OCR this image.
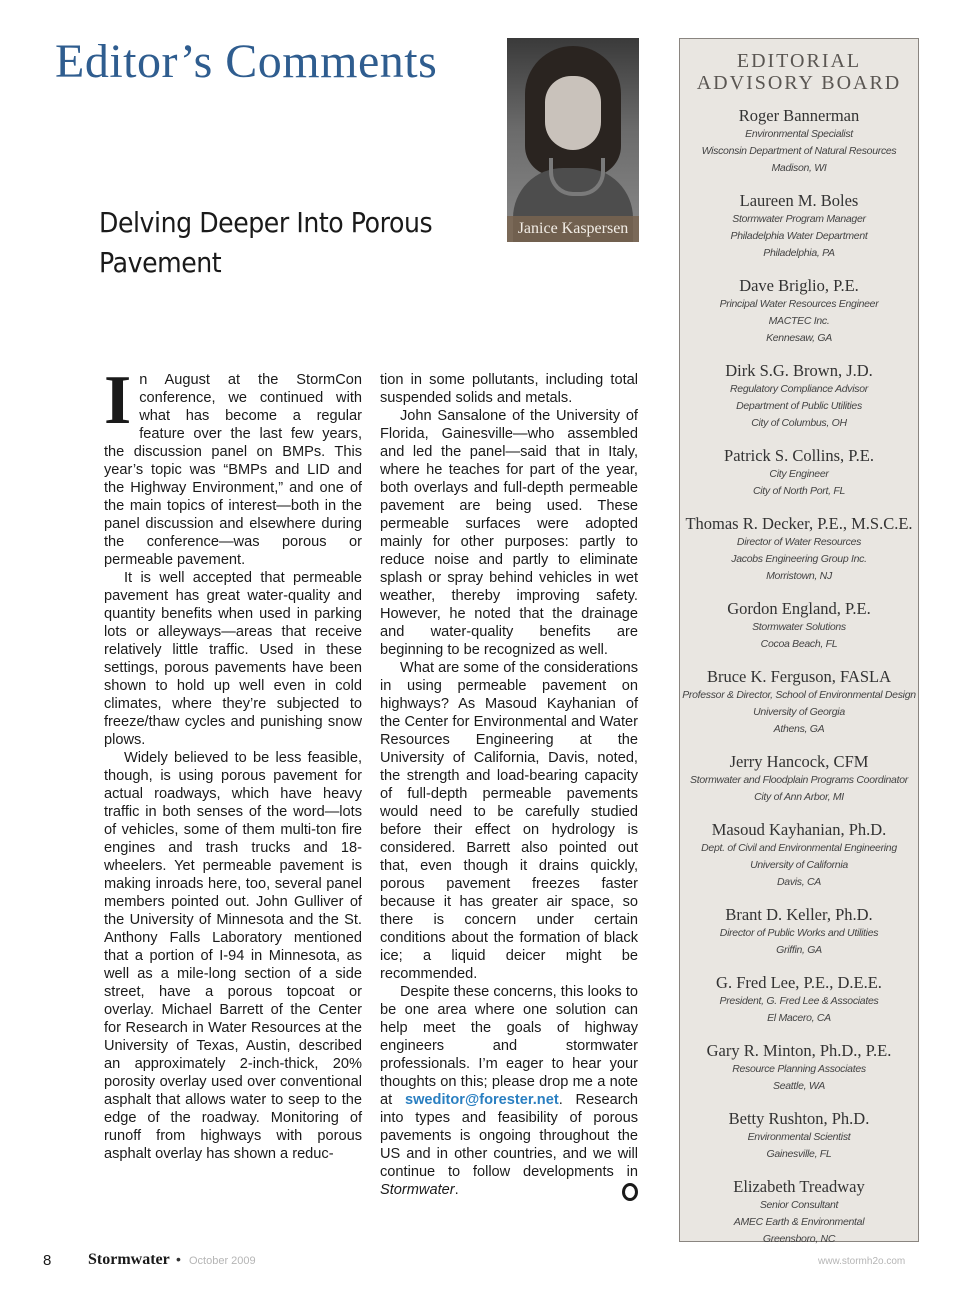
Editor’s Comments
Janice Kaspersen
Delving Deeper Into Porous Pavement

In August at the StormCon conference, we continued with what has become a regular feature over the last few years, the discussion panel on BMPs. This year’s topic was “BMPs and LID and the Highway Environment,” and one of the main topics of interest—both in the panel discussion and elsewhere during the conference—was porous or permeable pavement.

It is well accepted that permeable pavement has great water-quality and quantity benefits when used in parking lots or alleyways—areas that receive relatively little traffic. Used in these settings, porous pavements have been shown to hold up well even in cold climates, where they’re subjected to freeze/thaw cycles and punishing snow plows.

Widely believed to be less feasible, though, is using porous pavement for actual roadways, which have heavy traffic in both senses of the word—lots of vehicles, some of them multi-ton fire engines and trash trucks and 18-wheelers. Yet permeable pavement is making inroads here, too, several panel members pointed out. John Gulliver of the University of Minnesota and the St. Anthony Falls Laboratory mentioned that a portion of I-94 in Minnesota, as well as a mile-long section of a side street, have a porous topcoat or overlay. Michael Barrett of the Center for Research in Water Resources at the University of Texas, Austin, described an approximately 2-inch-thick, 20% porosity overlay used over conventional asphalt that allows water to seep to the edge of the roadway. Monitoring of runoff from highways with porous asphalt overlay has shown a reduc-

tion in some pollutants, including total suspended solids and metals.

John Sansalone of the University of Florida, Gainesville—who assembled and led the panel—said that in Italy, where he teaches for part of the year, both overlays and full-depth permeable pavement are being used. These permeable surfaces were adopted mainly for other purposes: partly to reduce noise and partly to eliminate splash or spray behind vehicles in wet weather, thereby improving safety. However, he noted that the drainage and water-quality benefits are beginning to be recognized as well.

What are some of the considerations in using permeable pavement on highways? As Masoud Kayhanian of the Center for Environmental and Water Resources Engineering at the University of California, Davis, noted, the strength and load-bearing capacity of full-depth permeable pavements would need to be carefully studied before their effect on hydrology is considered. Barrett also pointed out that, even though it drains quickly, porous pavement freezes faster because it has greater air space, so there is concern under certain conditions about the formation of black ice; a liquid deicer might be recommended.

Despite these concerns, this looks to be one area where one solution can help meet the goals of highway engineers and stormwater professionals. I’m eager to hear your thoughts on this; please drop me a note at sweditor@forester.net. Research into types and feasibility of porous pavements is ongoing throughout the US and in other countries, and we will continue to follow developments in Stormwater.

EDITORIAL
ADVISORY BOARD
Roger Bannerman
Environmental Specialist
Wisconsin Department of Natural Resources
Madison, WI
Laureen M. Boles
Stormwater Program Manager
Philadelphia Water Department
Philadelphia, PA
Dave Briglio, P.E.
Principal Water Resources Engineer
MACTEC Inc.
Kennesaw, GA
Dirk S.G. Brown, J.D.
Regulatory Compliance Advisor
Department of Public Utilities
City of Columbus, OH
Patrick S. Collins, P.E.
City Engineer
City of North Port, FL
Thomas R. Decker, P.E., M.S.C.E.
Director of Water Resources
Jacobs Engineering Group Inc.
Morristown, NJ
Gordon England, P.E.
Stormwater Solutions
Cocoa Beach, FL
Bruce K. Ferguson, FASLA
Professor & Director, School of Environmental Design
University of Georgia
Athens, GA
Jerry Hancock, CFM
Stormwater and Floodplain Programs Coordinator
City of Ann Arbor, MI
Masoud Kayhanian, Ph.D.
Dept. of Civil and Environmental Engineering
University of California
Davis, CA
Brant D. Keller, Ph.D.
Director of Public Works and Utilities
Griffin, GA
G. Fred Lee, P.E., D.E.E.
President, G. Fred Lee & Associates
El Macero, CA
Gary R. Minton, Ph.D., P.E.
Resource Planning Associates
Seattle, WA
Betty Rushton, Ph.D.
Environmental Scientist
Gainesville, FL
Elizabeth Treadway
Senior Consultant
AMEC Earth & Environmental
Greensboro, NC
8 Stormwater • October 2009	www.stormh2o.com
